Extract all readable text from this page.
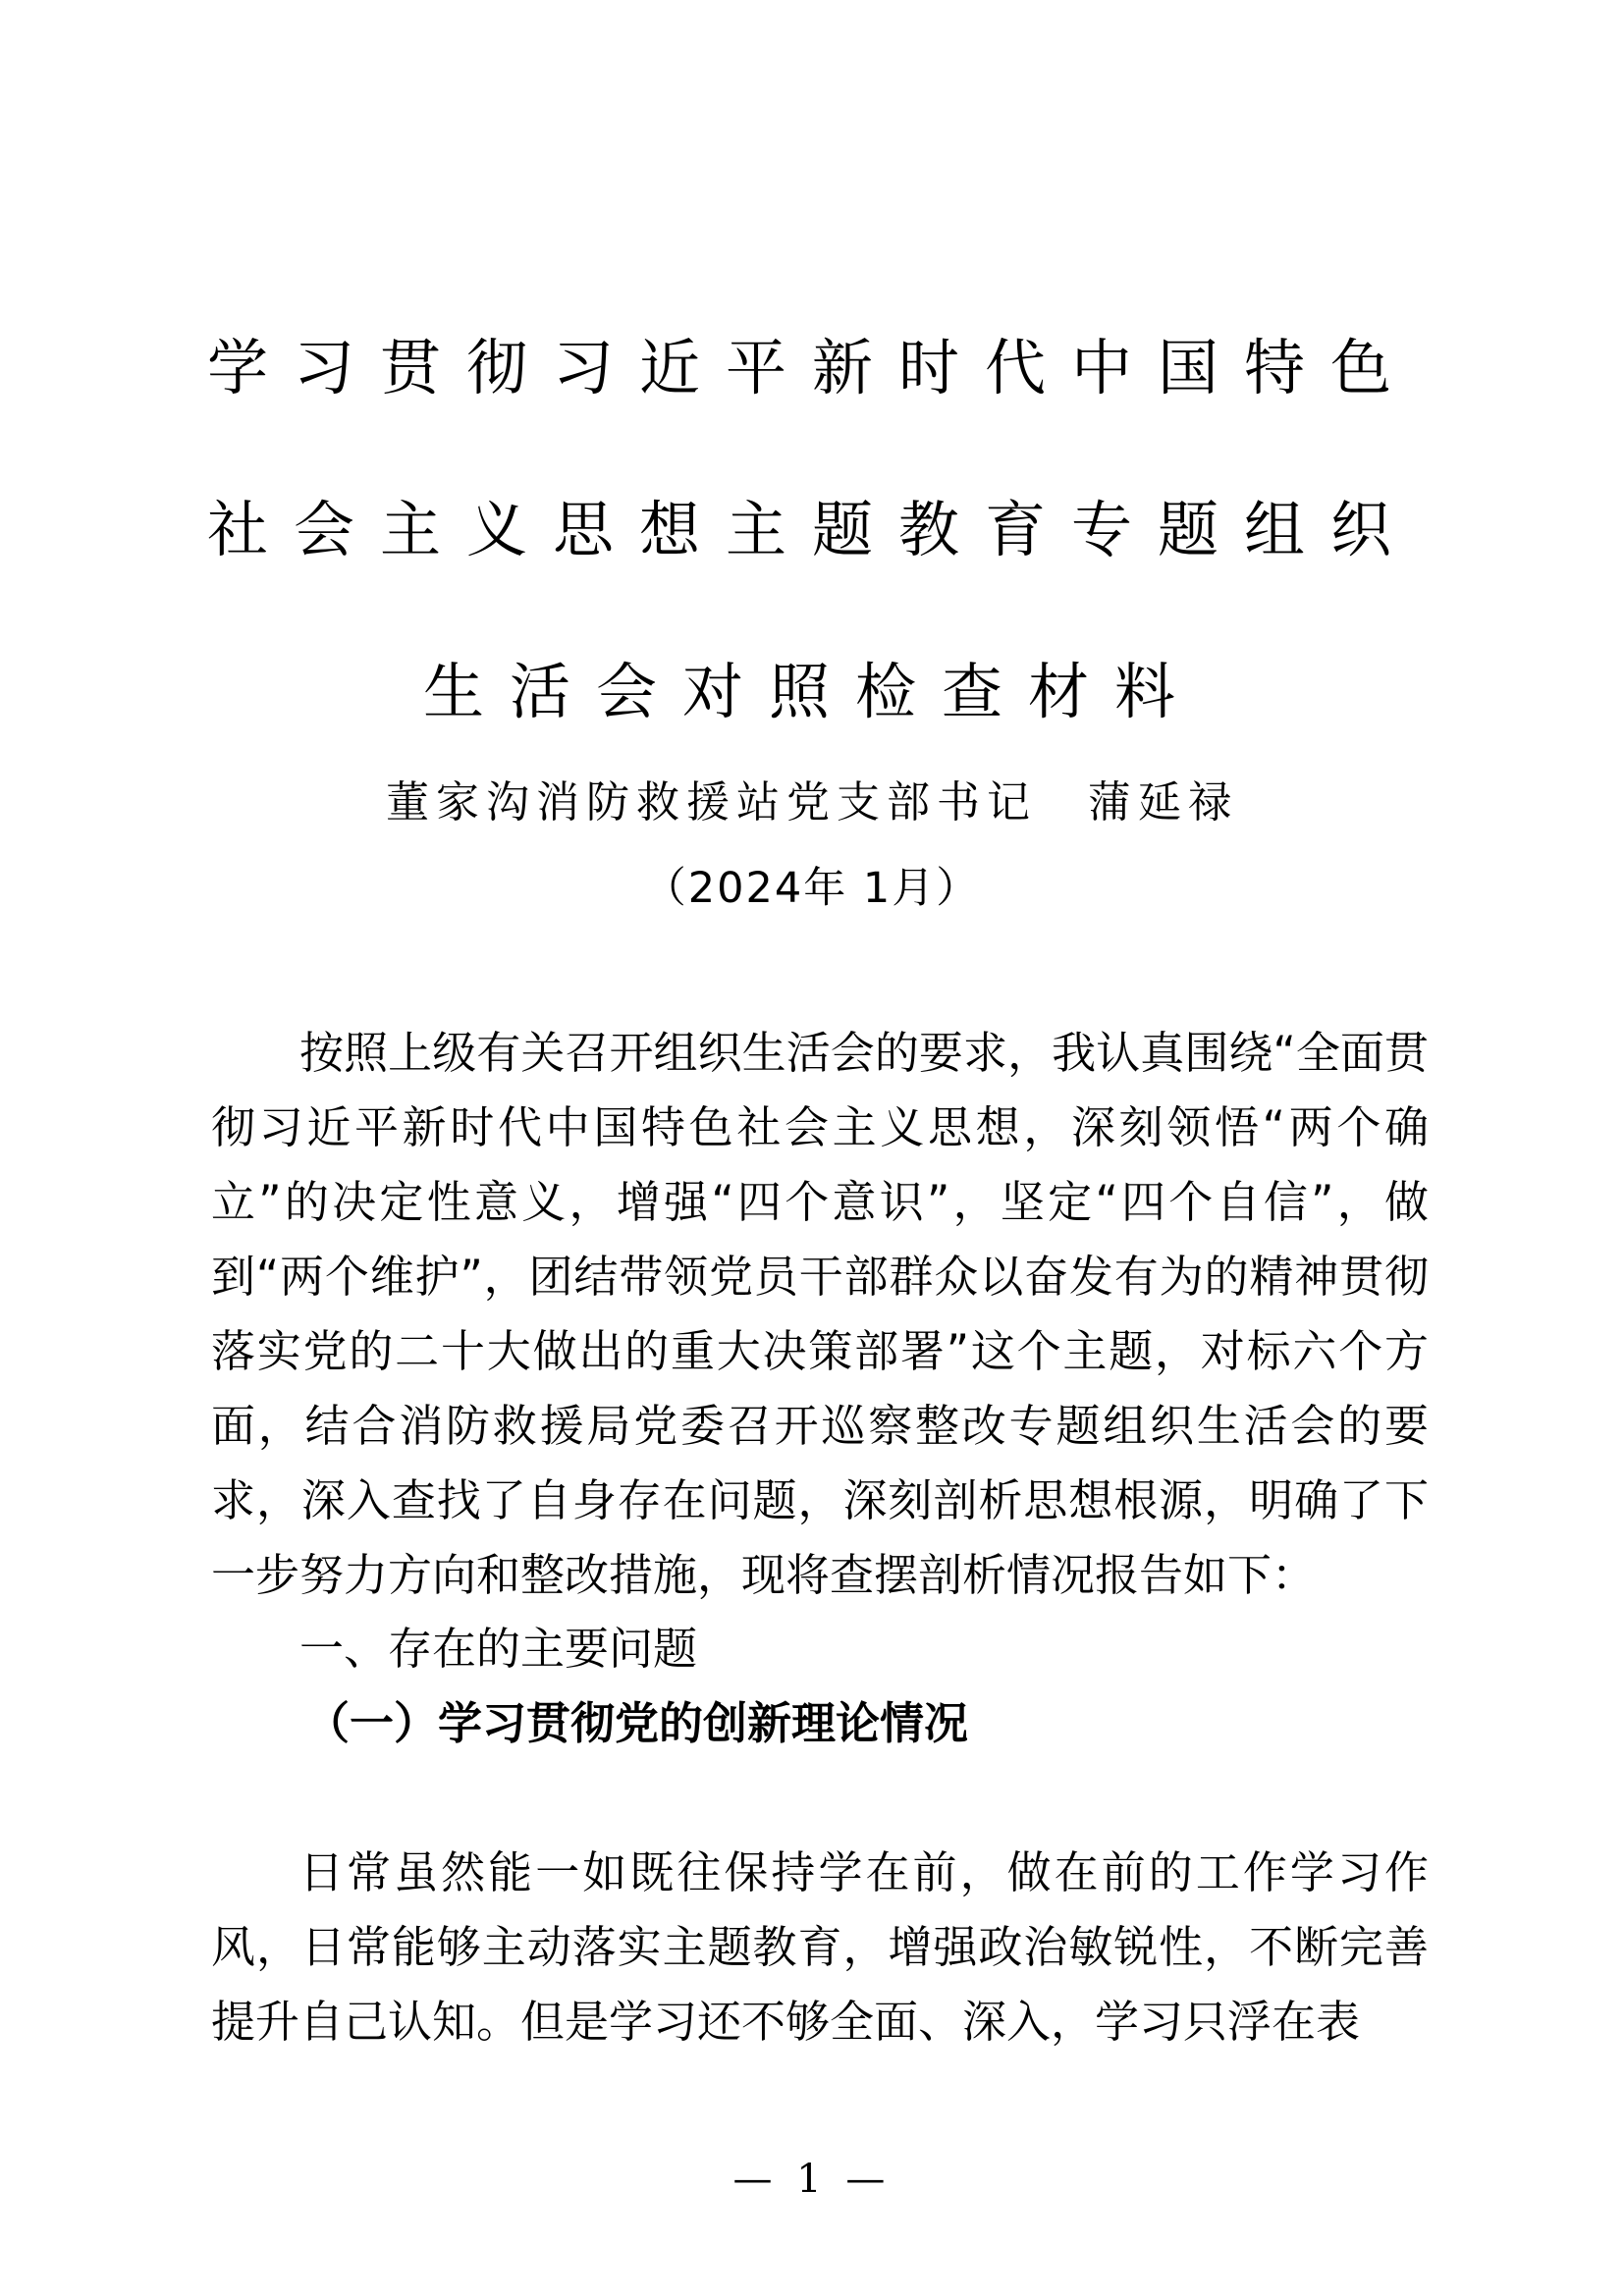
学习贯彻习近平新时代中国特色
社会主义思想主题教育专题组织
生活会对照检查材料
董家沟消防救援站党支部书记 蒲延禄
（2024年 1月）

按照上级有关召开组织生活会的要求，我认真围绕“全面贯彻习近平新时代中国特色社会主义思想，深刻领悟“两个确立”的决定性意义，增强“四个意识”，坚定“四个自信”，做到“两个维护”，团结带领党员干部群众以奋发有为的精神贯彻落实党的二十大做出的重大决策部署”这个主题，对标六个方面，结合消防救援局党委召开巡察整改专题组织生活会的要求，深入查找了自身存在问题，深刻剖析思想根源，明确了下一步努力方向和整改措施，现将查摆剖析情况报告如下：

一、存在的主要问题

（一）学习贯彻党的创新理论情况

日常虽然能一如既往保持学在前，做在前的工作学习作风，日常能够主动落实主题教育，增强政治敏锐性，不断完善提升自己认知。但是学习还不够全面、深入，学习只浮在表

— 1 —
